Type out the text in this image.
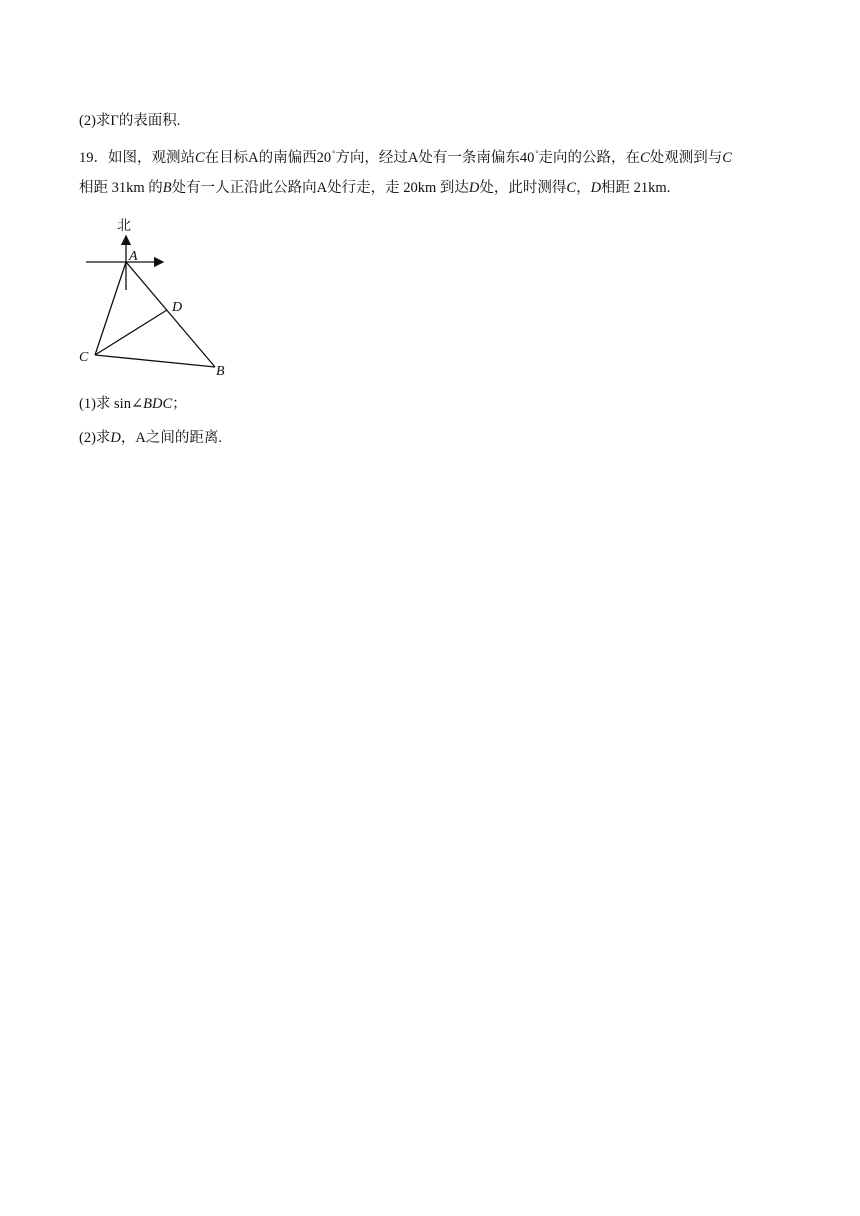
(2)求Γ的表面积.
19．如图，观测站C在目标A的南偏西20°方向，经过A处有一条南偏东40°走向的公路，在C处观测到与C
相距 31km 的B处有一人正沿此公路向A处行走，走 20km 到达D处，此时测得C，D相距 21km.
北
A
D
C
B
(1)求 sin∠BDC；
(2)求D，A之间的距离.
